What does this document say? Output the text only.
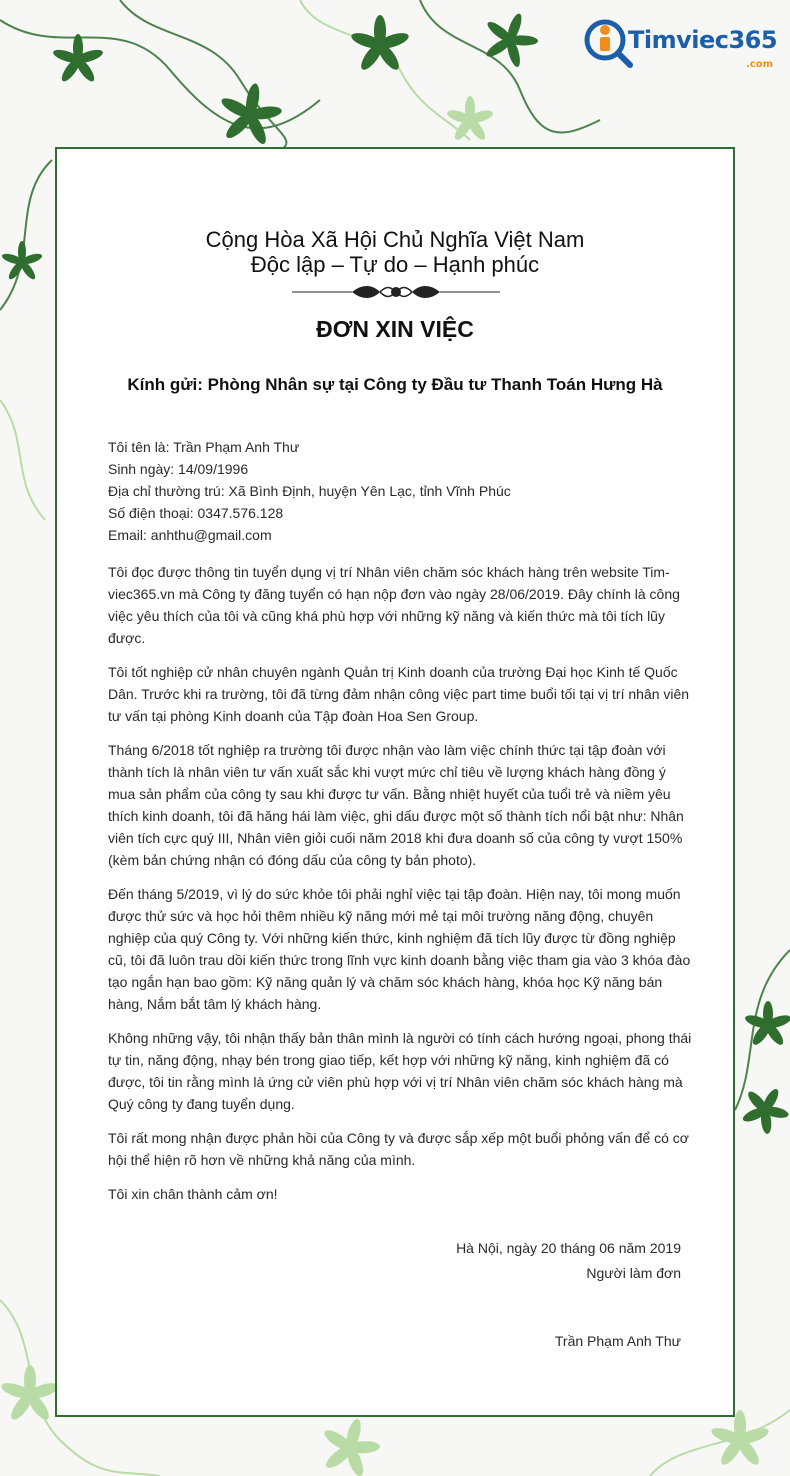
Timviec365
.com
Cộng Hòa Xã Hội Chủ Nghĩa Việt Nam
Độc lập – Tự do – Hạnh phúc
ĐƠN XIN VIỆC
Kính gửi: Phòng Nhân sự tại Công ty Đầu tư Thanh Toán Hưng Hà
Tôi tên là: Trần Phạm Anh Thư
Sinh ngày: 14/09/1996
Địa chỉ thường trú: Xã Bình Định, huyện Yên Lạc, tỉnh Vĩnh Phúc
Số điện thoại: 0347.576.128
Email: anhthu@gmail.com

Tôi đọc được thông tin tuyển dụng vị trí Nhân viên chăm sóc khách hàng trên website Tim-viec365.vn mà Công ty đăng tuyển có hạn nộp đơn vào ngày 28/06/2019. Đây chính là công việc yêu thích của tôi và cũng khá phù hợp với những kỹ năng và kiến thức mà tôi tích lũy được.

Tôi tốt nghiệp cử nhân chuyên ngành Quản trị Kinh doanh của trường Đại học Kinh tế Quốc Dân. Trước khi ra trường, tôi đã từng đảm nhận công việc part time buổi tối tại vị trí nhân viên tư vấn tại phòng Kinh doanh của Tập đoàn Hoa Sen Group.

Tháng 6/2018 tốt nghiệp ra trường tôi được nhận vào làm việc chính thức tại tập đoàn với thành tích là nhân viên tư vấn xuất sắc khi vượt mức chỉ tiêu về lượng khách hàng đồng ý mua sản phẩm của công ty sau khi được tư vấn. Bằng nhiệt huyết của tuổi trẻ và niềm yêu thích kinh doanh, tôi đã hăng hái làm việc, ghi dấu được một số thành tích nổi bật như: Nhân viên tích cực quý III, Nhân viên giỏi cuối năm 2018 khi đưa doanh số của công ty vượt 150% (kèm bản chứng nhận có đóng dấu của công ty bản photo).

Đến tháng 5/2019, vì lý do sức khỏe tôi phải nghỉ việc tại tập đoàn. Hiện nay, tôi mong muốn được thử sức và học hỏi thêm nhiều kỹ năng mới mẻ tại môi trường năng động, chuyên nghiệp của quý Công ty. Với những kiến thức, kinh nghiệm đã tích lũy được từ đồng nghiệp cũ, tôi đã luôn trau dồi kiến thức trong lĩnh vực kinh doanh bằng việc tham gia vào 3 khóa đào tạo ngắn hạn bao gồm: Kỹ năng quản lý và chăm sóc khách hàng, khóa học Kỹ năng bán hàng, Nắm bắt tâm lý khách hàng.

Không những vậy, tôi nhận thấy bản thân mình là người có tính cách hướng ngoại, phong thái tự tin, năng động, nhạy bén trong giao tiếp, kết hợp với những kỹ năng, kinh nghiệm đã có được, tôi tin rằng mình là ứng cử viên phù hợp với vị trí Nhân viên chăm sóc khách hàng mà Quý công ty đang tuyển dụng.

Tôi rất mong nhận được phản hồi của Công ty và được sắp xếp một buổi phỏng vấn để có cơ hội thể hiện rõ hơn về những khả năng của mình.

Tôi xin chân thành cảm ơn!

Hà Nội, ngày 20 tháng 06 năm 2019
Người làm đơn
Trần Phạm Anh Thư
